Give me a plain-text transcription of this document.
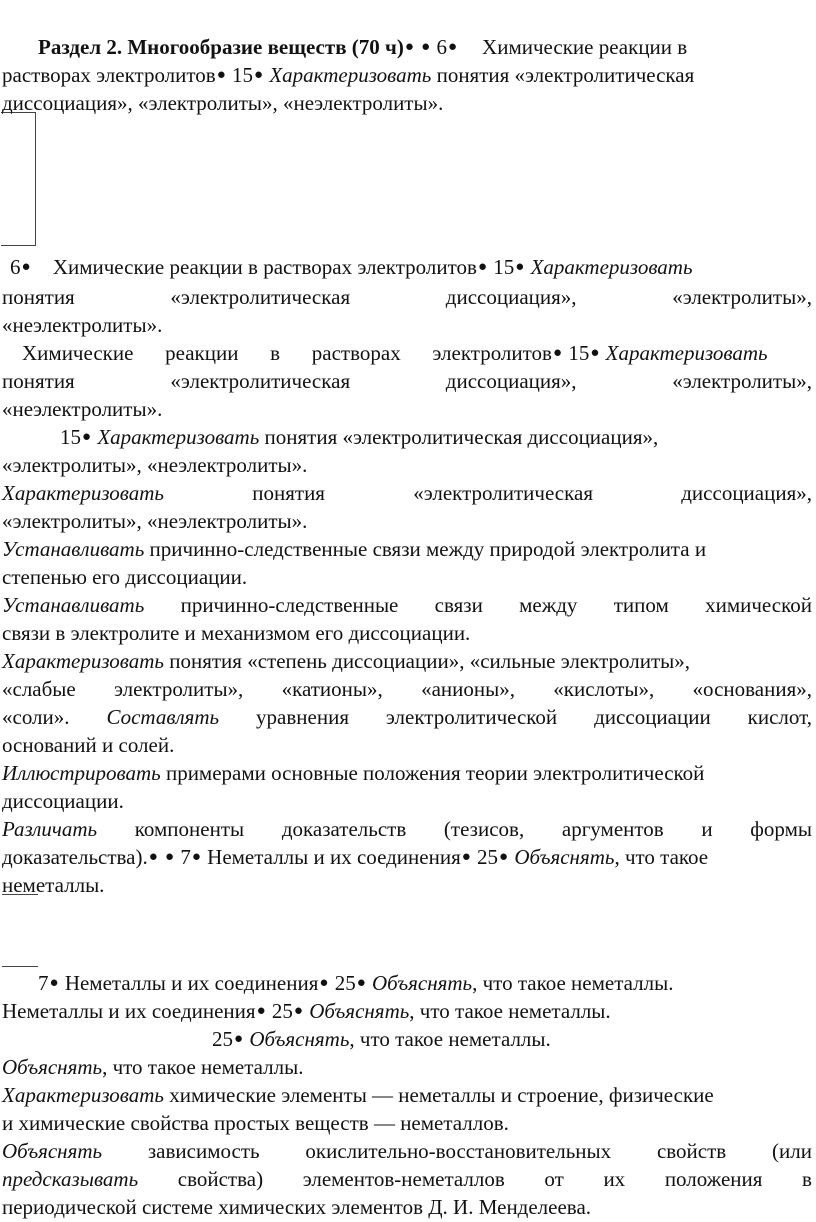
Раздел 2. Многообразие веществ (70 ч)● ● 6● Химические реакции в
растворах электролитов● 15● Характеризовать понятия «электролитическая
диссоциация», «электролиты», «неэлектролиты».
6● Химические реакции в растворах электролитов● 15● Характеризовать
понятия	«электролитическая	диссоциация»,	«электролиты»,
«неэлектролиты».
Химические реакции в растворах электролитов ● 15● Характеризовать
понятия	«электролитическая	диссоциация»,	«электролиты»,
«неэлектролиты».
15● Характеризовать понятия «электролитическая диссоциация»,
«электролиты», «неэлектролиты».
Характеризовать	понятия	«электролитическая	диссоциация»,
«электролиты», «неэлектролиты».
Устанавливать причинно-следственные связи между природой электролита и
степенью его диссоциации.
Устанавливать причинно-следственные связи между типом химической
связи в электролите и механизмом его диссоциации.
Характеризовать понятия «степень диссоциации», «сильные электролиты»,
«слабые электролиты», «катионы», «анионы», «кислоты», «основания»,
«соли». Составлять уравнения электролитической диссоциации кислот,
оснований и солей.
Иллюстрировать примерами основные положения теории электролитической
диссоциации.
Различать компоненты доказательств (тезисов, аргументов и формы
доказательства).● ● 7● Неметаллы и их соединения● 25● Объяснять, что такое
неметаллы.
7● Неметаллы и их соединения● 25● Объяснять, что такое неметаллы.
Неметаллы и их соединения● 25● Объяснять, что такое неметаллы.
25● Объяснять, что такое неметаллы.
Объяснять, что такое неметаллы.
Характеризовать химические элементы — неметаллы и строение, физические
и химические свойства простых веществ — неметаллов.
Объяснять зависимость окислительно-восстановительных свойств (или
предсказывать свойства) элементов-неметаллов от их положения в
периодической системе химических элементов Д. И. Менделеева.
